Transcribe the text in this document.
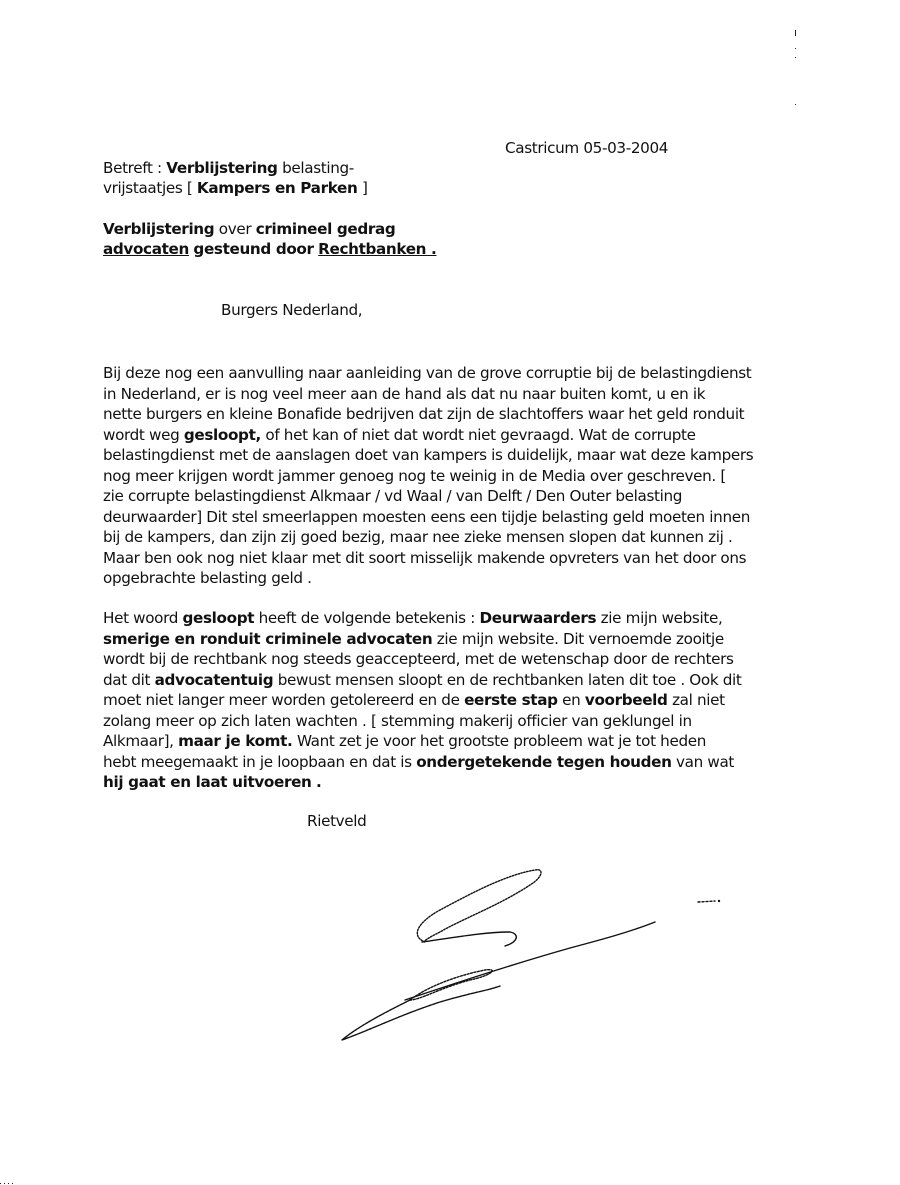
Castricum 05-03-2004
Betreft : Verblijstering belasting-
vrijstaatjes [ Kampers en Parken ]
Verblijstering over crimineel gedrag
advocaten gesteund door Rechtbanken .
Burgers Nederland,
Bij deze nog een aanvulling naar aanleiding van de grove corruptie bij de belastingdienst
in Nederland, er is nog veel meer aan de hand als dat nu naar buiten komt, u en ik
nette burgers en kleine Bonafide bedrijven dat zijn de slachtoffers waar het geld ronduit
wordt weg gesloopt, of het kan of niet dat wordt niet gevraagd. Wat de corrupte
belastingdienst met de aanslagen doet van kampers is duidelijk, maar wat deze kampers
nog meer krijgen wordt jammer genoeg nog te weinig in de Media over geschreven. [
zie corrupte belastingdienst Alkmaar / vd Waal / van Delft / Den Outer belasting
deurwaarder] Dit stel smeerlappen moesten eens een tijdje belasting geld moeten innen
bij de kampers, dan zijn zij goed bezig, maar nee zieke mensen slopen dat kunnen zij .
Maar ben ook nog niet klaar met dit soort misselijk makende opvreters van het door ons
opgebrachte belasting geld .
Het woord gesloopt heeft de volgende betekenis : Deurwaarders zie mijn website,
smerige en ronduit criminele advocaten zie mijn website. Dit vernoemde zooitje
wordt bij de rechtbank nog steeds geaccepteerd, met de wetenschap door de rechters
dat dit advocatentuig bewust mensen sloopt en de rechtbanken laten dit toe . Ook dit
moet niet langer meer worden getolereerd en de eerste stap en voorbeeld zal niet
zolang meer op zich laten wachten . [ stemming makerij officier van geklungel in
Alkmaar], maar je komt. Want zet je voor het grootste probleem wat je tot heden
hebt meegemaakt in je loopbaan en dat is ondergetekende tegen houden van wat
hij gaat en laat uitvoeren .
Rietveld
